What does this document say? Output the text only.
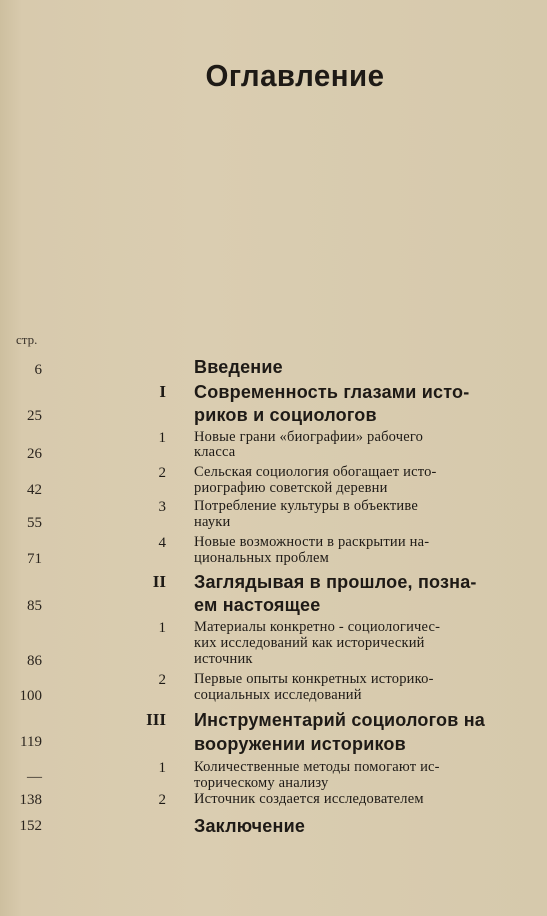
Оглавление
стр.
6	Введение
I Современность глазами исто-
риков и социологов
25
1 Новые грани «биографии» рабочего
класса
26
2 Сельская социология обогащает исто-
риографию советской деревни
42
3 Потребление культуры в объективе
науки
55
4 Новые возможности в раскрытии на-
циональных проблем
71
II Заглядывая в прошлое, позна-
ем настоящее
85
1 Материалы конкретно - социологичес-
ких исследований как исторический
источник
86
2 Первые опыты конкретных историко-
социальных исследований
100
III Инструментарий социологов на
вооружении историков
119
1 Количественные методы помогают ис-
торическому анализу
—
2 Источник создается исследователем
138
Заключение
152
